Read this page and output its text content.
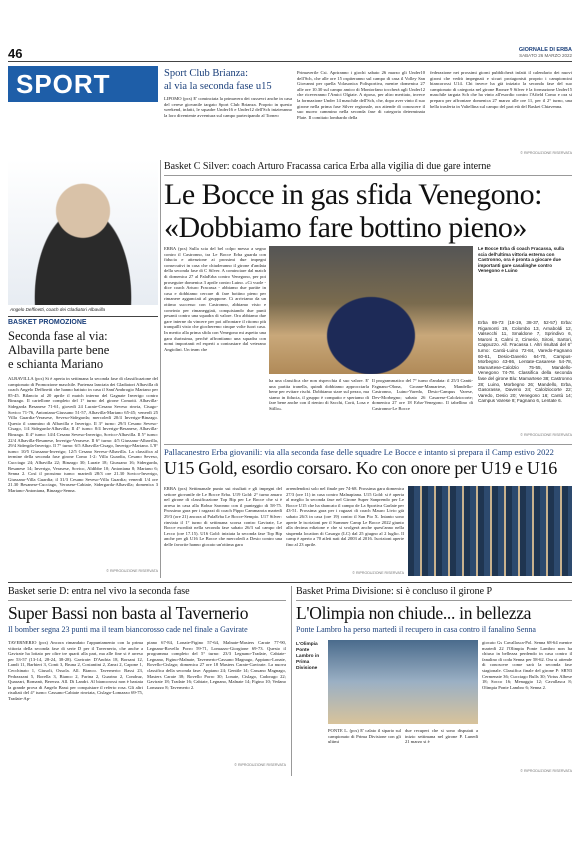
46	GIORNALE DI ERBA
SABATO 26 MARZO 2022
SPORT	Sport Club Brianza:
al via la seconda fase u15
LIPOMO (pcs) E' cominciata la primavera dei cussevri anche in casa del cerese giovanile targato Sport Club Brianza. Proprio in questo weekend, infatti, le squadre Under16 e Under12 dell'Sch inizieranno la loro diventente avventura sul campo partecipando al Torneo
Primaverile Csi. Apriranno i giochi sabato 26 marzo gli Under10 dell'Sch, che alle ore 15 ospiteranno sul campo di casa il Volley San Giovanni per quella Volasonica Polisportiva, mentre domenica 27 alle ore 10.30 sul campo amico di Montorfano toccherà agli Under12 che riceveranno l'Amici Olgiate. A riposo, per altro meritato, invece la formazione Under 14 maschile dell'Sch, che, dopo aver vinto il suo girone nella prima fase Silver regionale, ora attende di conoscere il suo nuovo cammino nella seconda fase di categoria determinata Plate. Il comitato lombardo della
federazione nei prossimi giorni pubblicherà infatti il calendario dei nuovi gironi che vedrà impegnati e sicuri protagonisti proprio i campioncini biancorossi U14. Chi invece ha già iniziato la seconda fase del suo campionato di categoria nel girone Bronze 9 Silver è la formazione Under15 maschile targata Sch che ha vinto all'esordio contro l'Afield Como e ora si prepara per affrontare domenica 27 marzo alle ore 11, per il 2° turno, una bella trasferta in Valtellina sul campo del pari età del Basket Chiavenna.
© RIPRODUZIONE RISERVATA
Angelo Deffinetti, coach dei Gladiatori Albavilla
BASKET PROMOZIONE
Seconda fase al via:
Albavilla parte bene
e schianta Mariano
ALBAVILLA (pcs) Si è aperta in settimana la seconda fase di classificazione del campionato di Promozione maschile. Partenza lanciata dei Gladiatori Albavilla di coach Angelo Deffinetti che hanno battuto in casa il Sant'Ambrogio Mariano per 85-45. Bilancio al 20 aprile il match interno del Gagnate Inverigo contro Binzago. Il cartellone completo del 1° turno del girone Comotti. Albavilla-Sidegarda Besanese 71-61, giovedì 24 Lurate-Cesano Seveso rinvia, Cisago-Sovico 71-76, Antoniana-Giussano 51-57, Albavilla-Mariano 65-45; venerdì 25 Villa Guardia-Verasese, Seveso-Sidegarda; mercoledì 20/4 Inverigo-Binzago. Questo il cammino di Albavilla e Inverigo. Il 3° turno: 29/3 Cesano Seveso-Cisago, 1/4 Sidegarda-Albavilla; Il 4° turno: 8/4 Inverigo-Besanese, Albavilla-Binzago. Il 4° turno: 14/4 Cesano Seveso-Inverigo, Sovico-Albavilla. Il 5° turno: 22/4 Albavilla-Besanese, Inverigo-Verasese. Il 6° turno: 4/5 Giussano-Albavilla, 29/4 Sidergda-Inverigo. Il 7° turno: 6/5 Albavilla-Cisago, Inverigo-Mariano. L'8° turno: 10/5 Giussano-Inverigo; 12/5 Cesano Seveso-Albavilla. La classifica al termine della seconda fase girone Como 1-2: Villa Guardia, Cesano Seveso, Cucciago 24; Albavilla 22; Binzago 30; Lurate 18; Giussano 16; Sidergarda, Besanese 14; Inverigo, Verasese, Sovico, Aldibbe 10; Antoniana 8; Mariano 6; Senna 2. Così il prossimo turno: martedì 28/3 ore 21.30 Sovico-Inverigo, Giussano-Villa Guardia; il 31/3 Cesano Seveso-Villa Guardia; venerdì 1/4 ore 21.30 Besanese-Cucciago, Verasese-Cabiate, Sidergarda-Albavilla; domenica 3 Mariano-Antoniana, Binzago-Senna.
© RIPRODUZIONE RISERVATA
Basket C Silver: coach Arturo Fracassa carica Erba alla vigilia di due gare interne
Le Bocce in gas sfida Venegono:
«Dobbiamo fare bottino pieno»
ERBA (pcs) Sulla scia del bel colpo messo a segno contro il Castronno, tra Le Bocce Erba guarda con fiducia e attenzione ai prossimi due impegni consecutivi in casa che chiuderanno il girone d'andata della seconda fase di C Silver. A cominciare dal match di domenica 27 al PalaErba contro Venegono, per poi proseguire domenica 3 aprile contro Luino. «Ci vuole - dice coach Arturo Fracassa - abbiamo due partite in casa e dobbiamo cercare di fare bottino pieno per rimanere agganciati al gruppone. Ci arriviamo da un ottimo successo con Castronno, abbiamo visto e convinto per rimaneggiati, conquistando due punti pesanti contro una squadra di valore. Ora abbiamo due gare interne da vincere per poi affrontare il ritorno più tranquilli visto che giocheremo cinque volte fuori casa. In merito alla prima sfida con Venegono mi aspetto una gara durissima, perché affrontiamo una squadra con nomi importanti ed esperti a contrastare dal veterano Angiolini. Un team che
ha una classifica che non rispecchia il suo valore. E' una partita tranella, quindi dobbiamo approcciarla bene per evitare rischi. Dobbiamo stare sul pezzo, ma siamo in fiducia, il gruppo è compatto e speriamo di fare bene anche con il rientro di Sacchi, Corti, Losa e Stillo».
Il programmatico del 7° turno d'andata: il 25/3 Cantù-Fagnano-Olona, Groane-Mamartese, Mandello-Castronno, Luino-Varedo, Desio-Campus Varese, Dev-Morbegno; sabato 26 Casarese-Calolziocorte; domenica 27 ore 18 Erba-Venegono. Il tabellino di Castronno-Le Bocce
Le Bocce Erba di coach Fracassa, sulla scia dell'ultima vittoria esterna con Castronno, ora è pronta a giocare due importanti gare casalinghe contro Venegono e Luino
Erba 69-73 (18-19, 38-37, 52-57) Erba: Rigamonti 19, Colombo 13, Arnaboldi 12, Valsecchi 11, Smaldone 7, Sprindivo 6, Maroni 3, Calmi 2, Cimerio, Sironi, Sartori, Cappuzzo. All. Fracassa I. Altri risultati del 6° turno: Cantù-Luino 72-84, Varedo-Fagnano 60-61, Desio-Daverio 64-70, Campus-Morbegno 43-86, Lentate-Casarese 54-78, Mamartese-Calolzio 75-55, Mandello-Venegono 74-78. Classifica della seconda fase del girone Blu: Mamartese 38; Castronno 28; Luino, Morbegno 26; Mandello, Erba, Gasorasse, Daverio 24; Calolziocorte 22; Varedo, Desio 20; Venegono 16; Cantù 14; Campus Varese 8; Fagnano 6, Lentate 6.
© RIPRODUZIONE RISERVATA
Pallacanestro Erba giovanili: via alla seconda fase delle squadre Le Bocce e intanto si prepara il Camp estivo 2022
U15 Gold, esordio corsaro. Ko con onore per U19 e U16
ERBA (pcs) Settimanale punto sui risultati e gli impegni del settore giovanile de Le Bocce Erba. U19 Gold: 2° turno amaro nel girone di classificazione Top Bip per Le Bocce che si è arresa in casa alla Robur Saronno con il punteggio di 58-75. Prossimo gara per i ragazzi di coach Pippo Cammarota martedì 29/3 (ore 21) ancora al PalaErba Le Bocce-Sempio. U17 Silver: rinviata il 1° turno di settimana scorsa contro Gavirate, Le Bocce esordirà nella seconda fase sabato 26/3 sul campo del Lecco (ore 17.15). U16 Gold: iniziata la seconda fase Top Bip anche per gli U16 Le Bocce che mercoledì a Desio contro una delle favorite hanno giocato un'ottima gara
arrendendosi solo nel finale per 74-68. Prossima gara domenica 27/3 (ore 11) in casa contro Malnapiana. U15 Gold: si è aperta al meglio la seconda fase nel Girone Super Sanprendo per Le Bocce U15 che ha sbancato il campo de La Sportiva Garlate per 43-51. Prossima gara per i ragazzi di coach Mauro Livio già sabato 26/3 in casa (ore 19) contro il San Pio X. Intanto sono aperte le iscrizioni per il Summer Camp Le Bocce 2022 giunto alla decima edizione e che si svolgerà anche quest'anno nella stupenda location di Casargo (LC) dal 25 giugno al 2 luglio. Il camp è aperto a 70 atleti nati dal 2003 al 2016. Iscrizioni aperte fino al 23 aprile.
© RIPRODUZIONE RISERVATA
Basket serie D: entra nel vivo la seconda fase
Super Bassi non basta al Tavernerio
Il bomber segna 23 punti ma il team biancorosso cade nel finale a Gavirate
TAVERNERIO (pcs) Ancora rimandato l'appuntamento con la prima vittoria della seconda fase di serie D per il Tavernerio, che anche a Gavirate ha lottato per oltre tre quarti alla pari, ma alle fine si è arreso per 53-57 (13-14, 28-24, 38-28). Gavirate: D'Andria 18, Borsani 12, Landi 11, Barbieri 3, Conti 3, Bruna 2, Costantini 2, Zanzi 2, Capone 1, Cecchinato 1, Giusoli, Ossola. All. Bianco. Tavernerio: Bassi 23, Pedrazzani 5, Borella 3, Bianco 2, Farina 2, Guarino 2, Condruz, Quarzari, Romanò, Bererza. All. Di Landri. Al biancorossi non è bastata la grande prova di Angelo Bassi per conquistare il referto rosa. Gli altri risultati del 4° turno: Cassano-Cabiate rinviata, Cislago-Lomazzo 69-75, Tradate-Ap-
piano 67-84, Lonate-Figino 57-64, Malnate-Masters Carate 77-90, Legnano-Rovello Porro 59-71, Lomazzo-Giorgione 69-73. Questo il programma completo del 5° turno: 23/3 Legnano-Tradate, Cabiate-Legnano, Figino-Malnate, Tavernerio-Cassano Magnago, Appiano-Lonate, Rovello-Cislago; domenica 27 ore 18 Masters Carate-Gavirate. La nuova classifica della seconda fase: Appiano 24; Gentile 14; Cassano Magnago, Masters Carate 38; Rovello Porro 30; Lonate, Cislago, Cadorago 22; Gavirate 18; Tradate 16; Cabiate, Legnano, Malnate 14; Figino 10; Vedano Lomazzo 8; Tavernerio 2.
© RIPRODUZIONE RISERVATA
Basket Prima Divisione: si è concluso il girone P
L'Olimpia non chiude... in bellezza
Ponte Lambro ha perso martedì il recupero in casa contro il fanalino Senna
L'Olimpia Ponte Lambro in Prima Divisione
PONTE L. (pcs) E' calato il sipario sul campionato di Prima Divisione con gli ultimi
due recuperi che si sono disputati a inizio settimana nel girone P. Lunedì 21 marzo si è
giocato Gs Cavallasca-Pol. Senna 68-64 mentre martedì 22 l'Olimpia Ponte Lambro non ha chiuso in bellezza perdendo in casa contro il fanalino di coda Senna per 58-62. Ora si attende di conoscere come sarà la seconda fase stagionale. Classifica finale del girone P: SR'83 Cermenate 36; Cucciago Bulls 30; Virtus Albese 18; Socco 16; Menaggio 12; Cavallasca 8; Olimpia Ponte Lambro 6; Senna 2.
© RIPRODUZIONE RISERVATA
